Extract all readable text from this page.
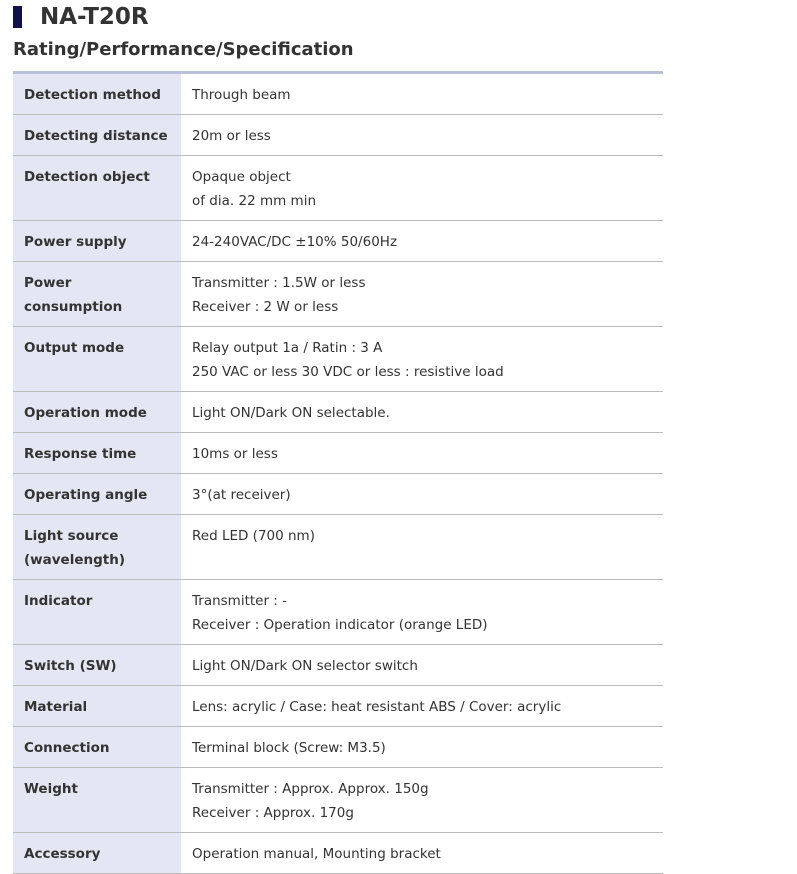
NA-T20R
Rating/Performance/Specification
Detection method	Through beam

Detecting distance	20m or less

Detection object	Opaque object
of dia. 22 mm min

Power supply	24-240VAC/DC ±10% 50/60Hz

Power
consumption	Transmitter : 1.5W or less
Receiver : 2 W or less

Output mode	Relay output 1a / Ratin : 3 A
250 VAC or less 30 VDC or less : resistive load

Operation mode	Light ON/Dark ON selectable.

Response time	10ms or less

Operating angle	3°(at receiver)

Light source
(wavelength)	Red LED (700 nm)

Indicator	Transmitter : -
Receiver : Operation indicator (orange LED)

Switch (SW)	Light ON/Dark ON selector switch

Material	Lens: acrylic / Case: heat resistant ABS / Cover: acrylic

Connection	Terminal block (Screw: M3.5)

Weight	Transmitter : Approx. Approx. 150g
Receiver : Approx. 170g

Accessory	Operation manual, Mounting bracket
